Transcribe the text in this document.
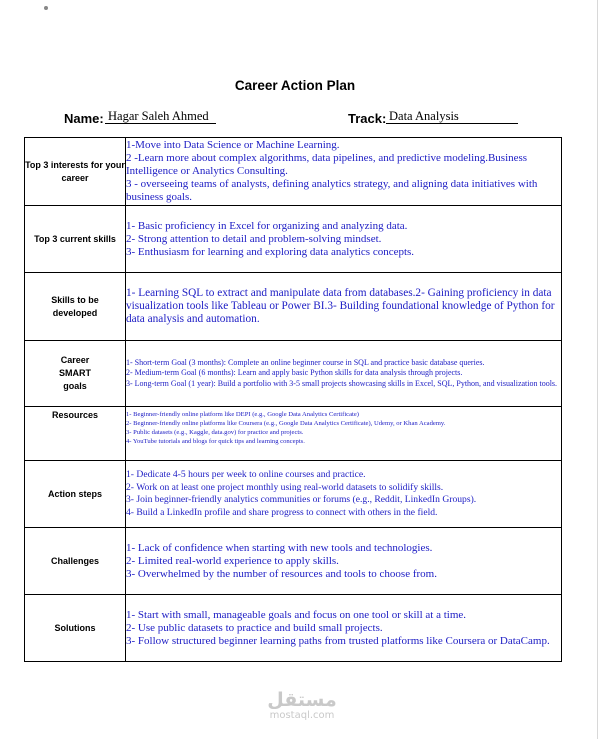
Career Action Plan
Name: Hagar Saleh Ahmed	Track: Data Analysis
Top 3 interests for your career	1-Move into Data Science or Machine Learning.
2 -Learn more about complex algorithms, data pipelines, and predictive modeling.Business Intelligence or Analytics Consulting.
3 - overseeing teams of analysts, defining analytics strategy, and aligning data initiatives with business goals.

Top 3 current skills	1- Basic proficiency in Excel for organizing and analyzing data.
2- Strong attention to detail and problem-solving mindset.
3- Enthusiasm for learning and exploring data analytics concepts.

Skills to be developed	1- Learning SQL to extract and manipulate data from databases.2- Gaining proficiency in data visualization tools like Tableau or Power BI.3- Building foundational knowledge of Python for data analysis and automation.

Career SMART goals	1- Short-term Goal (3 months): Complete an online beginner course in SQL and practice basic database queries.
2- Medium-term Goal (6 months): Learn and apply basic Python skills for data analysis through projects.
3- Long-term Goal (1 year): Build a portfolio with 3-5 small projects showcasing skills in Excel, SQL, Python, and visualization tools.

Resources	1- Beginner-friendly online platform like DEPI (e.g., Google Data Analytics Certificate)
2- Beginner-friendly online platforms like Coursera (e.g., Google Data Analytics Certificate), Udemy, or Khan Academy.
3- Public datasets (e.g., Kaggle, data.gov) for practice and projects.
4- YouTube tutorials and blogs for quick tips and learning concepts.

Action steps	1- Dedicate 4-5 hours per week to online courses and practice.
2- Work on at least one project monthly using real-world datasets to solidify skills.
3- Join beginner-friendly analytics communities or forums (e.g., Reddit, LinkedIn Groups).
4- Build a LinkedIn profile and share progress to connect with others in the field.

Challenges	1- Lack of confidence when starting with new tools and technologies.
2- Limited real-world experience to apply skills.
3- Overwhelmed by the number of resources and tools to choose from.

Solutions	1- Start with small, manageable goals and focus on one tool or skill at a time.
2- Use public datasets to practice and build small projects.
3- Follow structured beginner learning paths from trusted platforms like Coursera or DataCamp.
مستقل
mostaql.com
